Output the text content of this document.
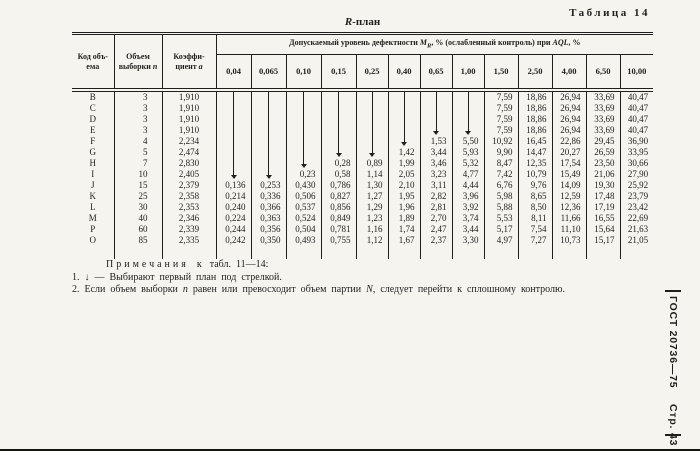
Таблица 14
R-план
Код объ-
ема

Объем
выборки n

Коэффи-
циент a
	Допускаемый уровень дефектности $M_R$, % (ослабленный контроль) при AQL, %
			0,04	0,065	0,10	0,15	0,25	0,40	0,65	1,00	1,50	2,50	4,00	6,50	10,00
B	3	1,910									7,59	18,86	26,94	33,69	40,47
C	3	1,910									7,59	18,86	26,94	33,69	40,47
D	3	1,910									7,59	18,86	26,94	33,69	40,47
E	3	1,910									7,59	18,86	26,94	33,69	40,47
F	4	2,234							1,53	5,50	10,92	16,45	22,86	29,45	36,90
G	5	2,474						1,42	3,44	5,93	9,90	14,47	20,27	26,59	33,95
H	7	2,830				0,28	0,89	1,99	3,46	5,32	8,47	12,35	17,54	23,50	30,66
I	10	2,405			0,23	0,58	1,14	2,05	3,23	4,77	7,42	10,79	15,49	21,06	27,90
J	15	2,379	0,136	0,253	0,430	0,786	1,30	2,10	3,11	4,44	6,76	9,76	14,09	19,30	25,92
K	25	2,358	0,214	0,336	0,506	0,827	1,27	1,95	2,82	3,96	5,98	8,65	12,59	17,48	23,79
L	30	2,353	0,240	0,366	0,537	0,856	1,29	1,96	2,81	3,92	5,88	8,50	12,36	17,19	23,42
M	40	2,346	0,224	0,363	0,524	0,849	1,23	1,89	2,70	3,74	5,53	8,11	11,66	16,55	22,69
P	60	2,339	0,244	0,356	0,504	0,781	1,16	1,74	2,47	3,44	5,17	7,54	11,10	15,64	21,63
O	85	2,335	0,242	0,350	0,493	0,755	1,12	1,67	2,37	3,30	4,97	7,27	10,73	15,17	21,05

Примечания к табл. 11—14:
1. ↓ — Выбирают первый план под стрелкой.
2. Если объем выборки n равен или превосходит объем партии N, следует перейти к сплошному контролю.
ГОСТ 20736—75 Стр. 43
